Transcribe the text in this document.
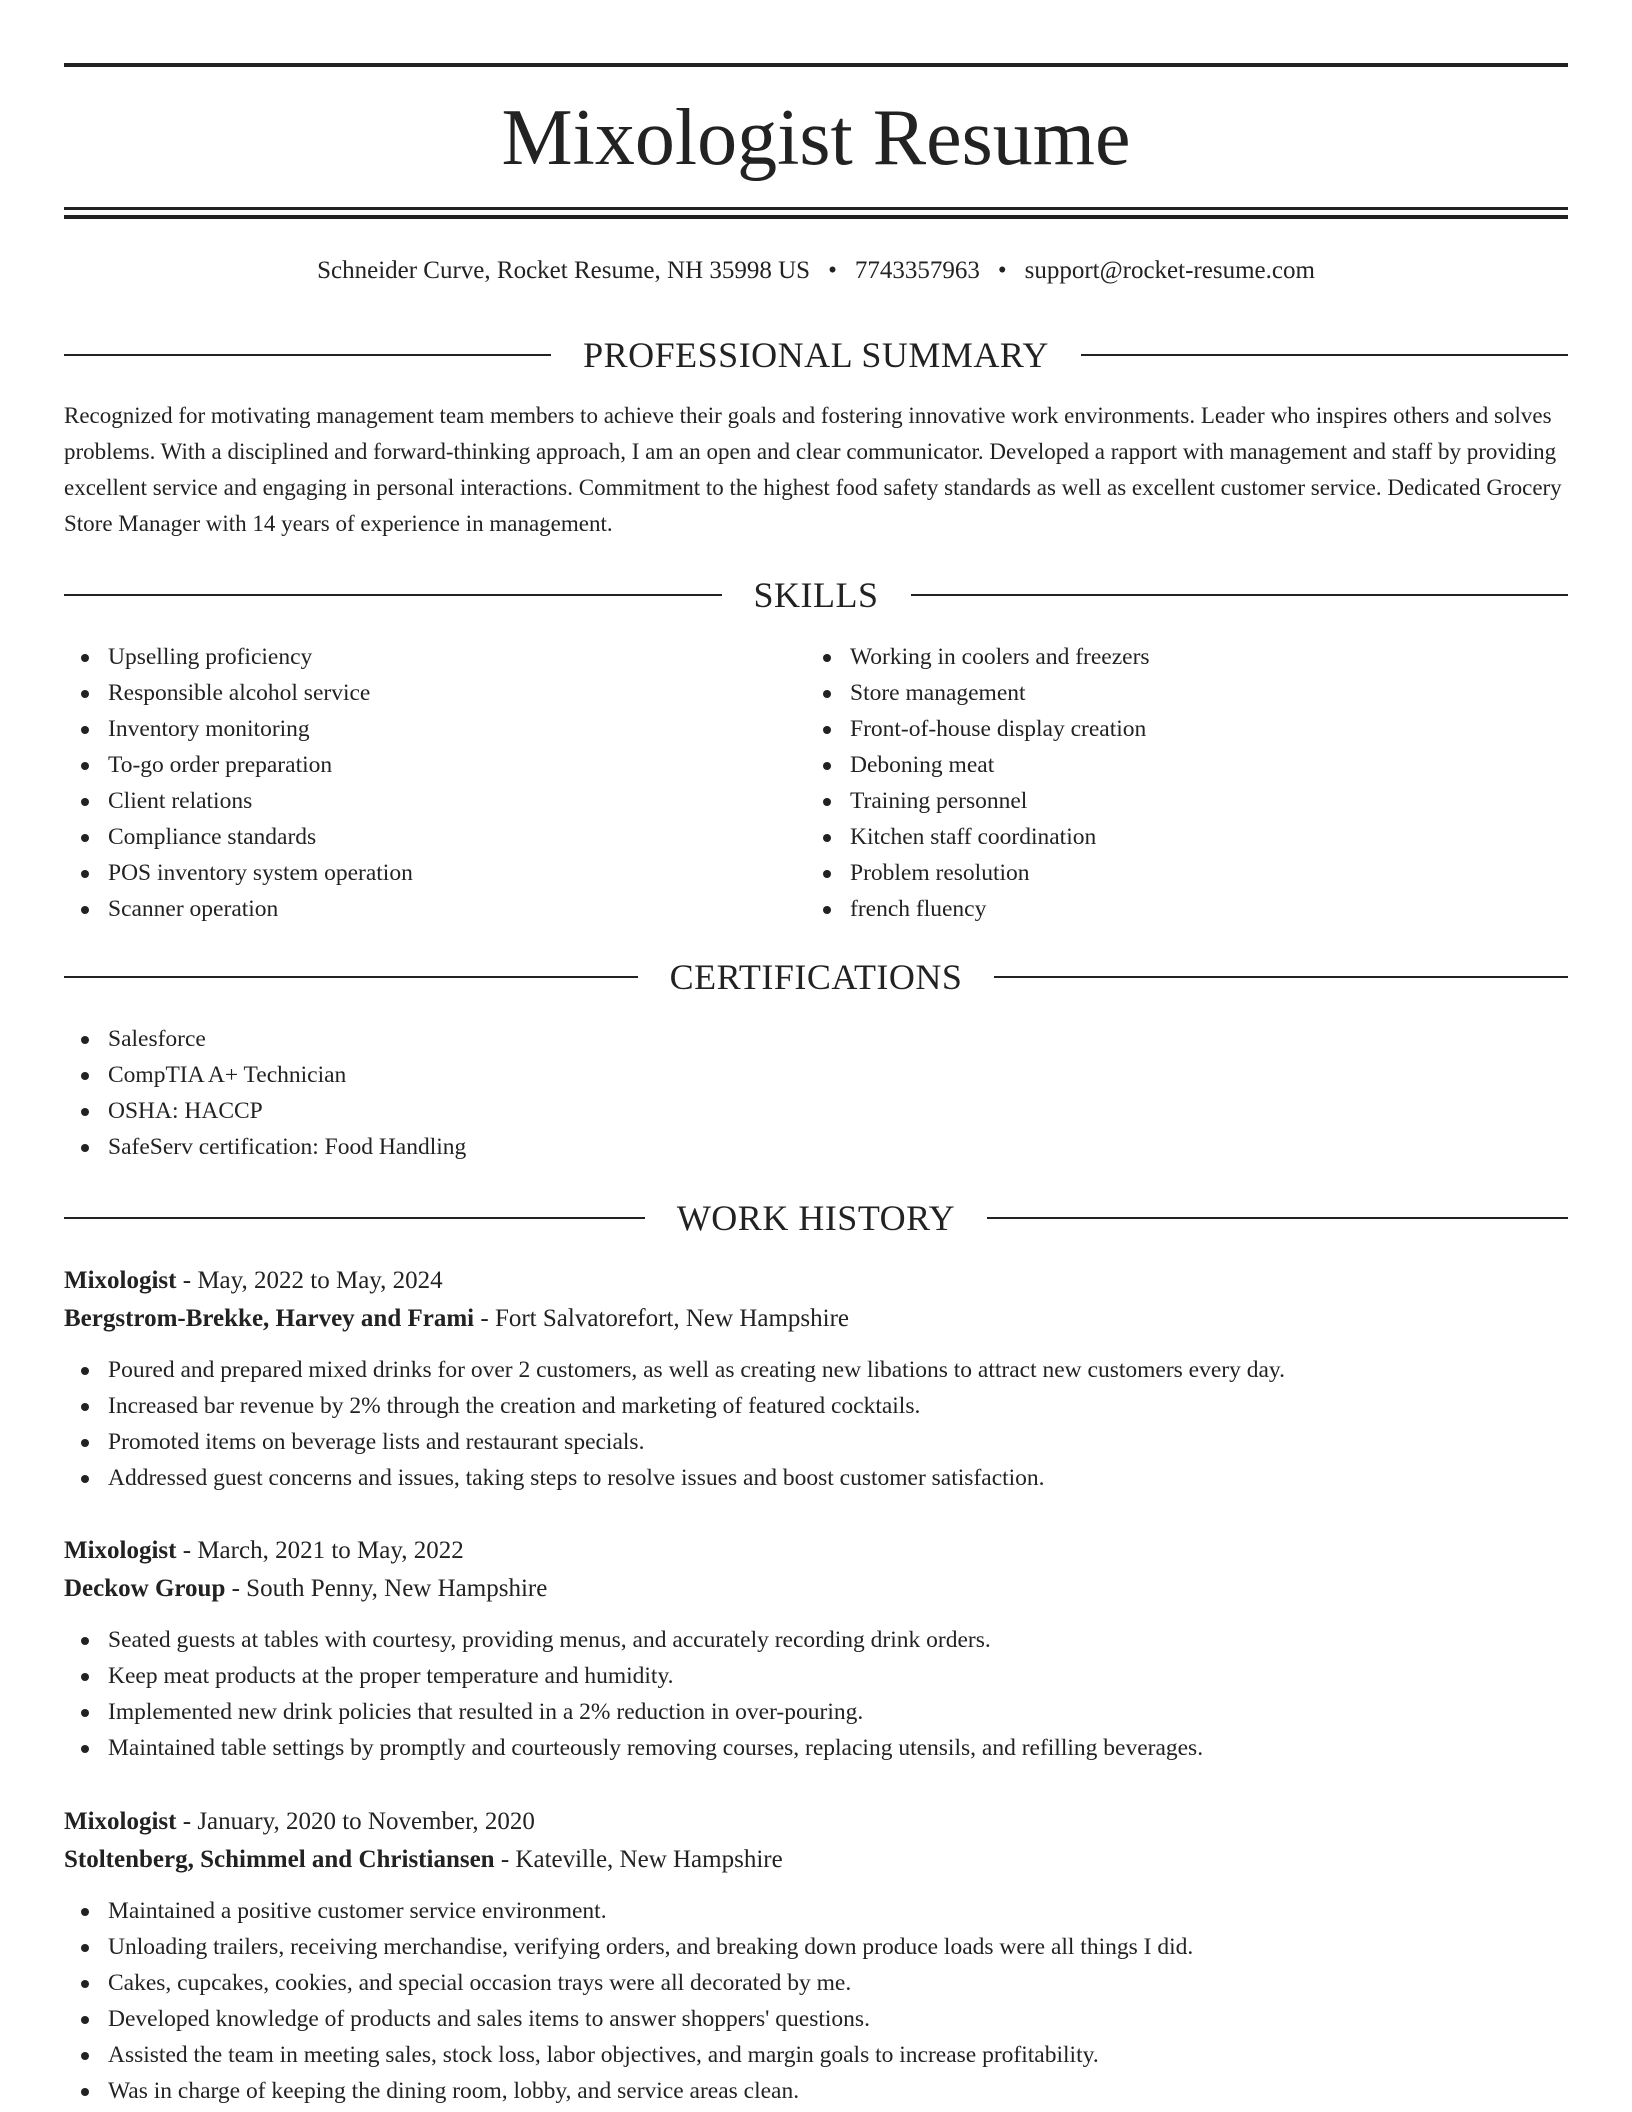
Mixologist Resume
Schneider Curve, Rocket Resume, NH 35998 US • 7743357963 • support@rocket-resume.com
PROFESSIONAL SUMMARY

Recognized for motivating management team members to achieve their goals and fostering innovative work environments. Leader who inspires others and solves problems. With a disciplined and forward-thinking approach, I am an open and clear communicator. Developed a rapport with management and staff by providing excellent service and engaging in personal interactions. Commitment to the highest food safety standards as well as excellent customer service. Dedicated Grocery Store Manager with 14 years of experience in management.

SKILLS
Upselling proficiency
Responsible alcohol service
Inventory monitoring
To-go order preparation
Client relations
Compliance standards
POS inventory system operation
Scanner operation
Working in coolers and freezers
Store management
Front-of-house display creation
Deboning meat
Training personnel
Kitchen staff coordination
Problem resolution
french fluency
CERTIFICATIONS
Salesforce
CompTIA A+ Technician
OSHA: HACCP
SafeServ certification: Food Handling
WORK HISTORY
Mixologist - May, 2022 to May, 2024
Bergstrom-Brekke, Harvey and Frami - Fort Salvatorefort, New Hampshire
Poured and prepared mixed drinks for over 2 customers, as well as creating new libations to attract new customers every day.
Increased bar revenue by 2% through the creation and marketing of featured cocktails.
Promoted items on beverage lists and restaurant specials.
Addressed guest concerns and issues, taking steps to resolve issues and boost customer satisfaction.
Mixologist - March, 2021 to May, 2022
Deckow Group - South Penny, New Hampshire
Seated guests at tables with courtesy, providing menus, and accurately recording drink orders.
Keep meat products at the proper temperature and humidity.
Implemented new drink policies that resulted in a 2% reduction in over-pouring.
Maintained table settings by promptly and courteously removing courses, replacing utensils, and refilling beverages.
Mixologist - January, 2020 to November, 2020
Stoltenberg, Schimmel and Christiansen - Kateville, New Hampshire
Maintained a positive customer service environment.
Unloading trailers, receiving merchandise, verifying orders, and breaking down produce loads were all things I did.
Cakes, cupcakes, cookies, and special occasion trays were all decorated by me.
Developed knowledge of products and sales items to answer shoppers' questions.
Assisted the team in meeting sales, stock loss, labor objectives, and margin goals to increase profitability.
Was in charge of keeping the dining room, lobby, and service areas clean.
